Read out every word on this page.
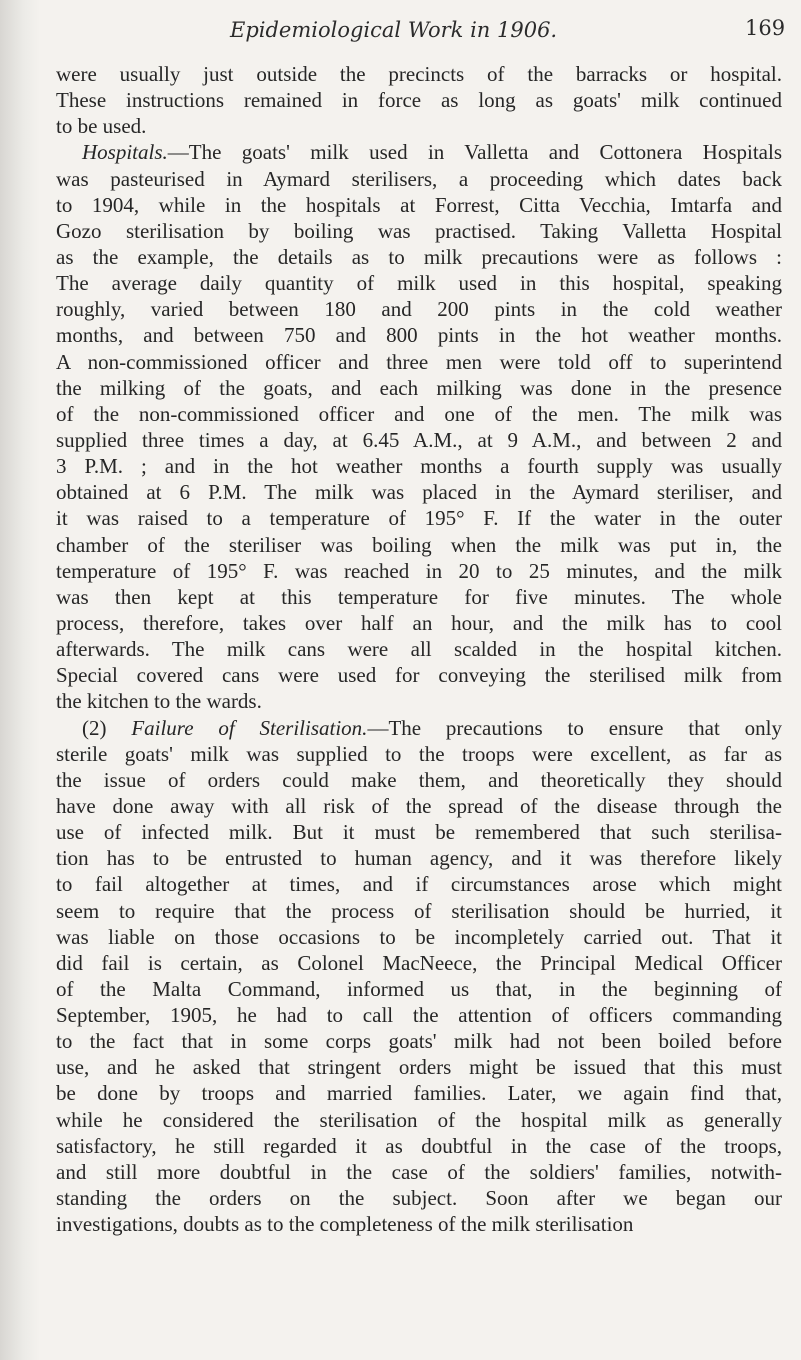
Epidemiological Work in 1906.	169
were usually just outside the precincts of the barracks or hospital.
These instructions remained in force as long as goats' milk continued
to be used.
Hospitals.—The goats' milk used in Valletta and Cottonera Hospitals
was pasteurised in Aymard sterilisers, a proceeding which dates back
to 1904, while in the hospitals at Forrest, Citta Vecchia, Imtarfa and
Gozo sterilisation by boiling was practised. Taking Valletta Hospital
as the example, the details as to milk precautions were as follows :
The average daily quantity of milk used in this hospital, speaking
roughly, varied between 180 and 200 pints in the cold weather
months, and between 750 and 800 pints in the hot weather months.
A non-commissioned officer and three men were told off to superintend
the milking of the goats, and each milking was done in the presence
of the non-commissioned officer and one of the men. The milk was
supplied three times a day, at 6.45 A.M., at 9 A.M., and between 2 and
3 P.M. ; and in the hot weather months a fourth supply was usually
obtained at 6 P.M. The milk was placed in the Aymard steriliser, and
it was raised to a temperature of 195° F. If the water in the outer
chamber of the steriliser was boiling when the milk was put in, the
temperature of 195° F. was reached in 20 to 25 minutes, and the milk
was then kept at this temperature for five minutes. The whole
process, therefore, takes over half an hour, and the milk has to cool
afterwards. The milk cans were all scalded in the hospital kitchen.
Special covered cans were used for conveying the sterilised milk from
the kitchen to the wards.
(2) Failure of Sterilisation.—The precautions to ensure that only
sterile goats' milk was supplied to the troops were excellent, as far as
the issue of orders could make them, and theoretically they should
have done away with all risk of the spread of the disease through the
use of infected milk. But it must be remembered that such sterilisa-
tion has to be entrusted to human agency, and it was therefore likely
to fail altogether at times, and if circumstances arose which might
seem to require that the process of sterilisation should be hurried, it
was liable on those occasions to be incompletely carried out. That it
did fail is certain, as Colonel MacNeece, the Principal Medical Officer
of the Malta Command, informed us that, in the beginning of
September, 1905, he had to call the attention of officers commanding
to the fact that in some corps goats' milk had not been boiled before
use, and he asked that stringent orders might be issued that this must
be done by troops and married families. Later, we again find that,
while he considered the sterilisation of the hospital milk as generally
satisfactory, he still regarded it as doubtful in the case of the troops,
and still more doubtful in the case of the soldiers' families, notwith-
standing the orders on the subject. Soon after we began our
investigations, doubts as to the completeness of the milk sterilisation
